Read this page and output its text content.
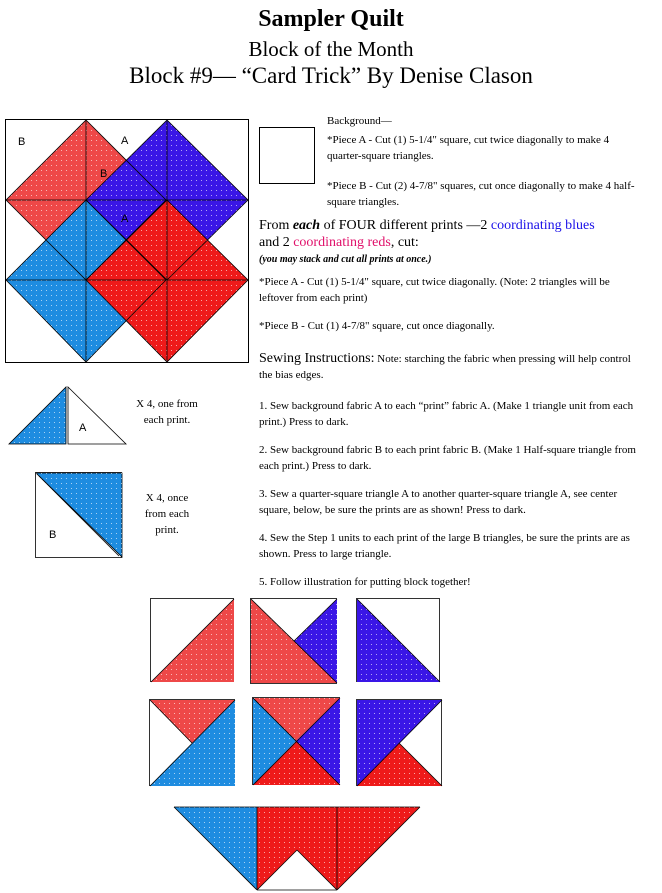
Sampler Quilt
Block of the Month
Block #9— “Card Trick” By Denise Clason
B	A
B
A
A
X 4, one from each print.
B
X 4, once from each print.
Background—
*Piece A - Cut (1) 5-1/4" square, cut twice diagonally to make 4 quarter-square triangles.
*Piece B - Cut (2) 4-7/8" squares, cut once diagonally to make 4 half-square triangles.
From each of FOUR different prints —2 coordinating blues
and 2 coordinating reds, cut:
(you may stack and cut all prints at once.)
*Piece A - Cut (1) 5-1/4" square, cut twice diagonally. (Note: 2 triangles will be leftover from each print)
*Piece B - Cut (1) 4-7/8" square, cut once diagonally.
Sewing Instructions: Note: starching the fabric when pressing will help control the bias edges.
1. Sew background fabric A to each “print” fabric A. (Make 1 triangle unit from each print.) Press to dark.
2. Sew background fabric B to each print fabric B. (Make 1 Half-square triangle from each print.) Press to dark.
3. Sew a quarter-square triangle A to another quarter-square triangle A, see center square, below, be sure the prints are as shown! Press to dark.
4. Sew the Step 1 units to each print of the large B triangles, be sure the prints are as shown. Press to large triangle.
5. Follow illustration for putting block together!
